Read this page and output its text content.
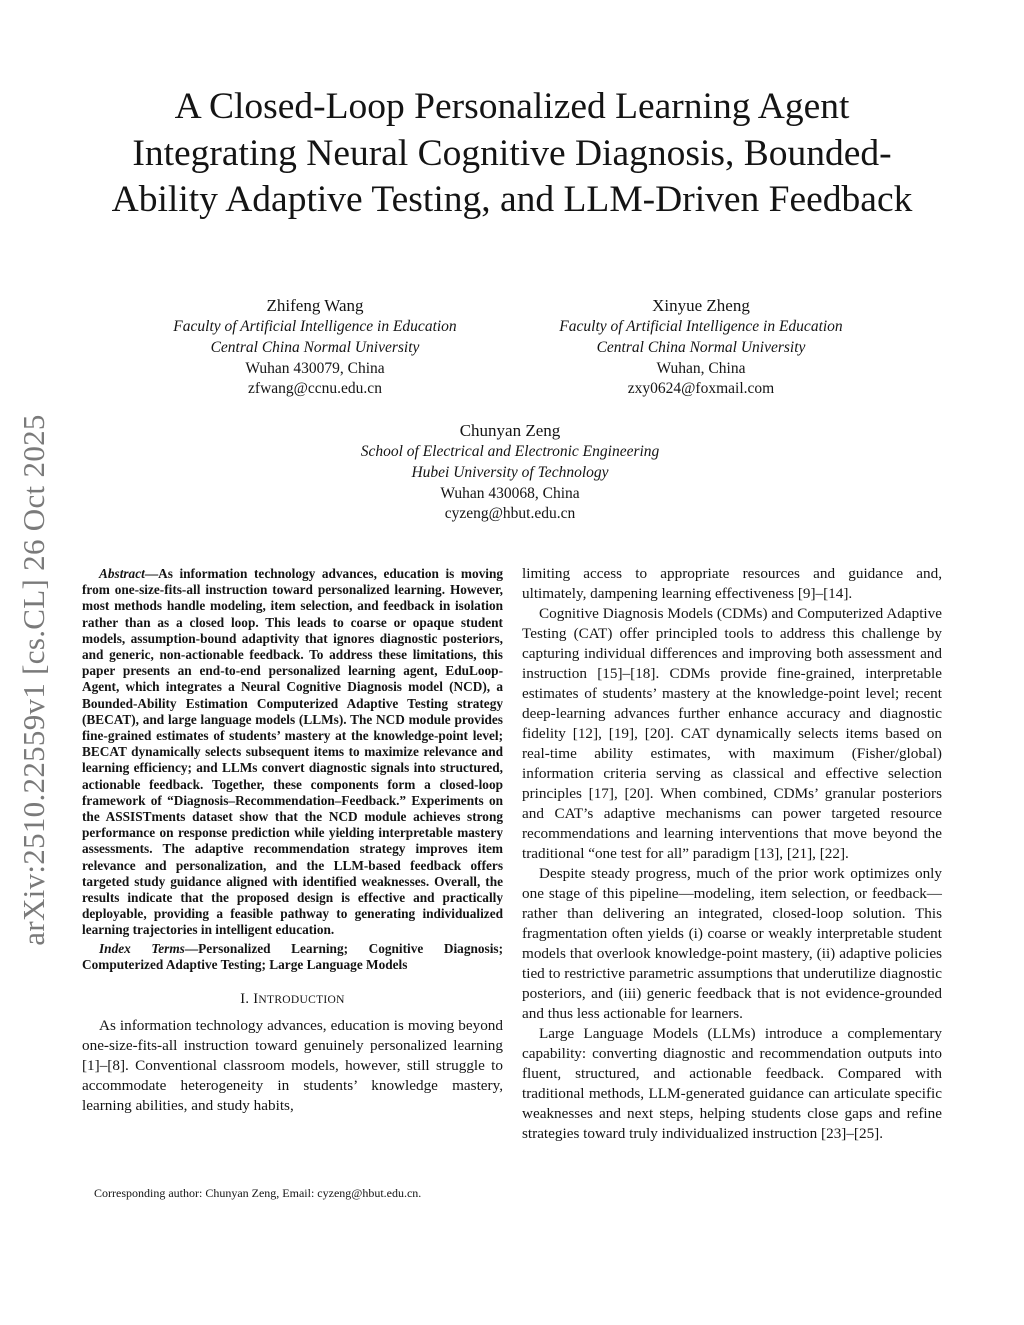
arXiv:2510.22559v1 [cs.CL] 26 Oct 2025
A Closed-Loop Personalized Learning Agent Integrating Neural Cognitive Diagnosis, Bounded-Ability Adaptive Testing, and LLM-Driven Feedback
Zhifeng Wang
Faculty of Artificial Intelligence in Education
Central China Normal University
Wuhan 430079, China
zfwang@ccnu.edu.cn
Xinyue Zheng
Faculty of Artificial Intelligence in Education
Central China Normal University
Wuhan, China
zxy0624@foxmail.com
Chunyan Zeng
School of Electrical and Electronic Engineering
Hubei University of Technology
Wuhan 430068, China
cyzeng@hbut.edu.cn

Abstract—As information technology advances, education is moving from one-size-fits-all instruction toward personalized learning. However, most methods handle modeling, item selection, and feedback in isolation rather than as a closed loop. This leads to coarse or opaque student models, assumption-bound adaptivity that ignores diagnostic posteriors, and generic, non-actionable feedback. To address these limitations, this paper presents an end-to-end personalized learning agent, EduLoop-Agent, which integrates a Neural Cognitive Diagnosis model (NCD), a Bounded-Ability Estimation Computerized Adaptive Testing strategy (BECAT), and large language models (LLMs). The NCD module provides fine-grained estimates of students’ mastery at the knowledge-point level; BECAT dynamically selects subsequent items to maximize relevance and learning efficiency; and LLMs convert diagnostic signals into structured, actionable feedback. Together, these components form a closed-loop framework of “Diagnosis–Recommendation–Feedback.” Experiments on the ASSISTments dataset show that the NCD module achieves strong performance on response prediction while yielding interpretable mastery assessments. The adaptive recommendation strategy improves item relevance and personalization, and the LLM-based feedback offers targeted study guidance aligned with identified weaknesses. Overall, the results indicate that the proposed design is effective and practically deployable, providing a feasible pathway to generating individualized learning trajectories in intelligent education.

Index Terms—Personalized Learning; Cognitive Diagnosis; Computerized Adaptive Testing; Large Language Models

I. INTRODUCTION

As information technology advances, education is moving beyond one-size-fits-all instruction toward genuinely personalized learning [1]–[8]. Conventional classroom models, however, still struggle to accommodate heterogeneity in students’ knowledge mastery, learning abilities, and study habits,

Corresponding author: Chunyan Zeng, Email: cyzeng@hbut.edu.cn.

limiting access to appropriate resources and guidance and, ultimately, dampening learning effectiveness [9]–[14].

Cognitive Diagnosis Models (CDMs) and Computerized Adaptive Testing (CAT) offer principled tools to address this challenge by capturing individual differences and improving both assessment and instruction [15]–[18]. CDMs provide fine-grained, interpretable estimates of students’ mastery at the knowledge-point level; recent deep-learning advances further enhance accuracy and diagnostic fidelity [12], [19], [20]. CAT dynamically selects items based on real-time ability estimates, with maximum (Fisher/global) information criteria serving as classical and effective selection principles [17], [20]. When combined, CDMs’ granular posteriors and CAT’s adaptive mechanisms can power targeted resource recommendations and learning interventions that move beyond the traditional “one test for all” paradigm [13], [21], [22].

Despite steady progress, much of the prior work optimizes only one stage of this pipeline—modeling, item selection, or feedback—rather than delivering an integrated, closed-loop solution. This fragmentation often yields (i) coarse or weakly interpretable student models that overlook knowledge-point mastery, (ii) adaptive policies tied to restrictive parametric assumptions that underutilize diagnostic posteriors, and (iii) generic feedback that is not evidence-grounded and thus less actionable for learners.

Large Language Models (LLMs) introduce a complementary capability: converting diagnostic and recommendation outputs into fluent, structured, and actionable feedback. Compared with traditional methods, LLM-generated guidance can articulate specific weaknesses and next steps, helping students close gaps and refine strategies toward truly individualized instruction [23]–[25].
